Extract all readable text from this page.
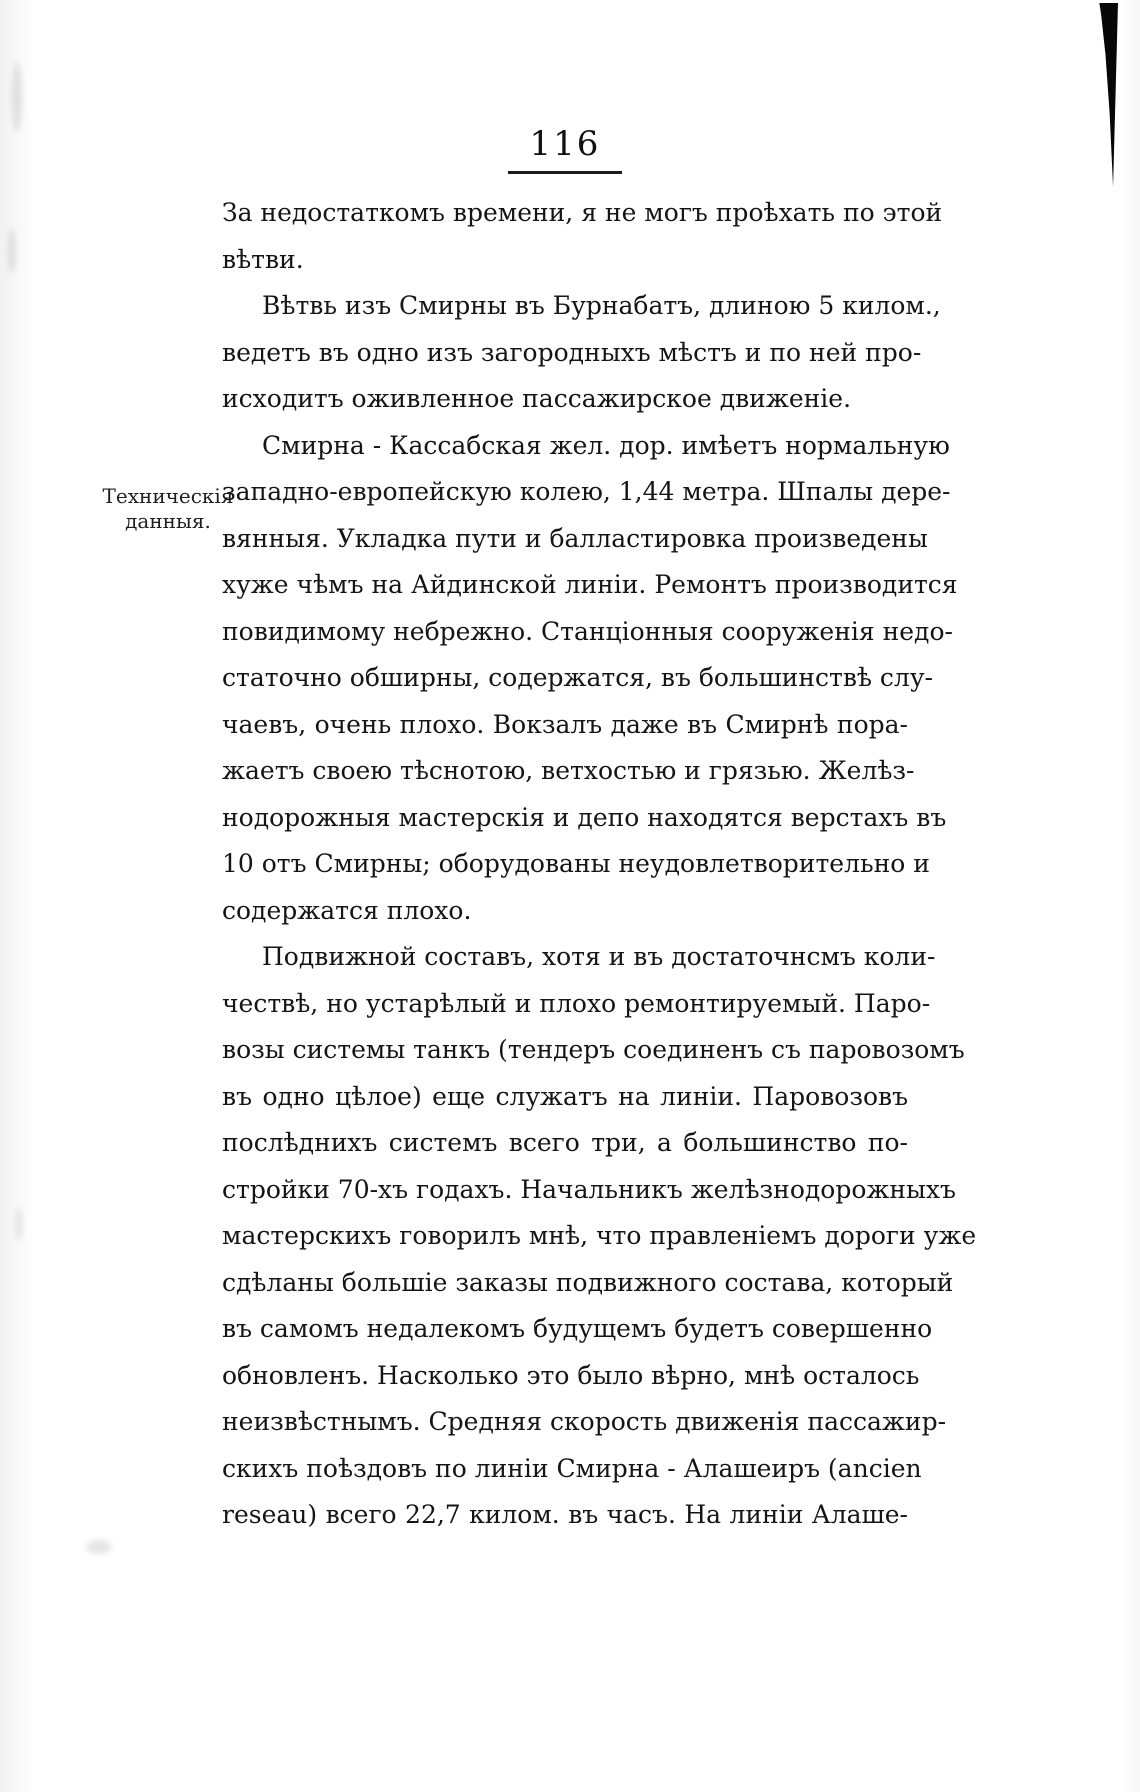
116
Техническія
данныя.
За недостаткомъ времени, я не могъ проѣхать по этой
вѣтви.
Вѣтвь изъ Смирны въ Бурнабатъ, длиною 5 килом.,
ведетъ въ одно изъ загородныхъ мѣстъ и по ней про-
исходитъ оживленное пассажирское движеніе.
Смирна - Кассабская жел. дор. имѣетъ нормальную
западно-европейскую колею, 1,44 метра. Шпалы дере-
вянныя. Укладка пути и балластировка произведены
хуже чѣмъ на Айдинской линіи. Ремонтъ производится
повидимому небрежно. Станціонныя сооруженія недо-
статочно обширны, содержатся, въ большинствѣ слу-
чаевъ, очень плохо. Вокзалъ даже въ Смирнѣ пора-
жаетъ своею тѣснотою, ветхостью и грязью. Желѣз-
нодорожныя мастерскія и депо находятся верстахъ въ
10 отъ Смирны; оборудованы неудовлетворительно и
содержатся плохо.
Подвижной составъ, хотя и въ достаточнсмъ коли-
чествѣ, но устарѣлый и плохо ремонтируемый. Паро-
возы системы танкъ (тендеръ соединенъ съ паровозомъ
въ одно цѣлое) еще служатъ на линіи. Паровозовъ
послѣднихъ системъ всего три, а большинство по-
стройки 70-хъ годахъ. Начальникъ желѣзнодорожныхъ
мастерскихъ говорилъ мнѣ, что правленіемъ дороги уже
сдѣланы большіе заказы подвижного состава, который
въ самомъ недалекомъ будущемъ будетъ совершенно
обновленъ. Насколько это было вѣрно, мнѣ осталось
неизвѣстнымъ. Средняя скорость движенія пассажир-
скихъ поѣздовъ по линіи Смирна - Алашеиръ (ancien
reseau) всего 22,7 килом. въ часъ. На линіи Алаше-
